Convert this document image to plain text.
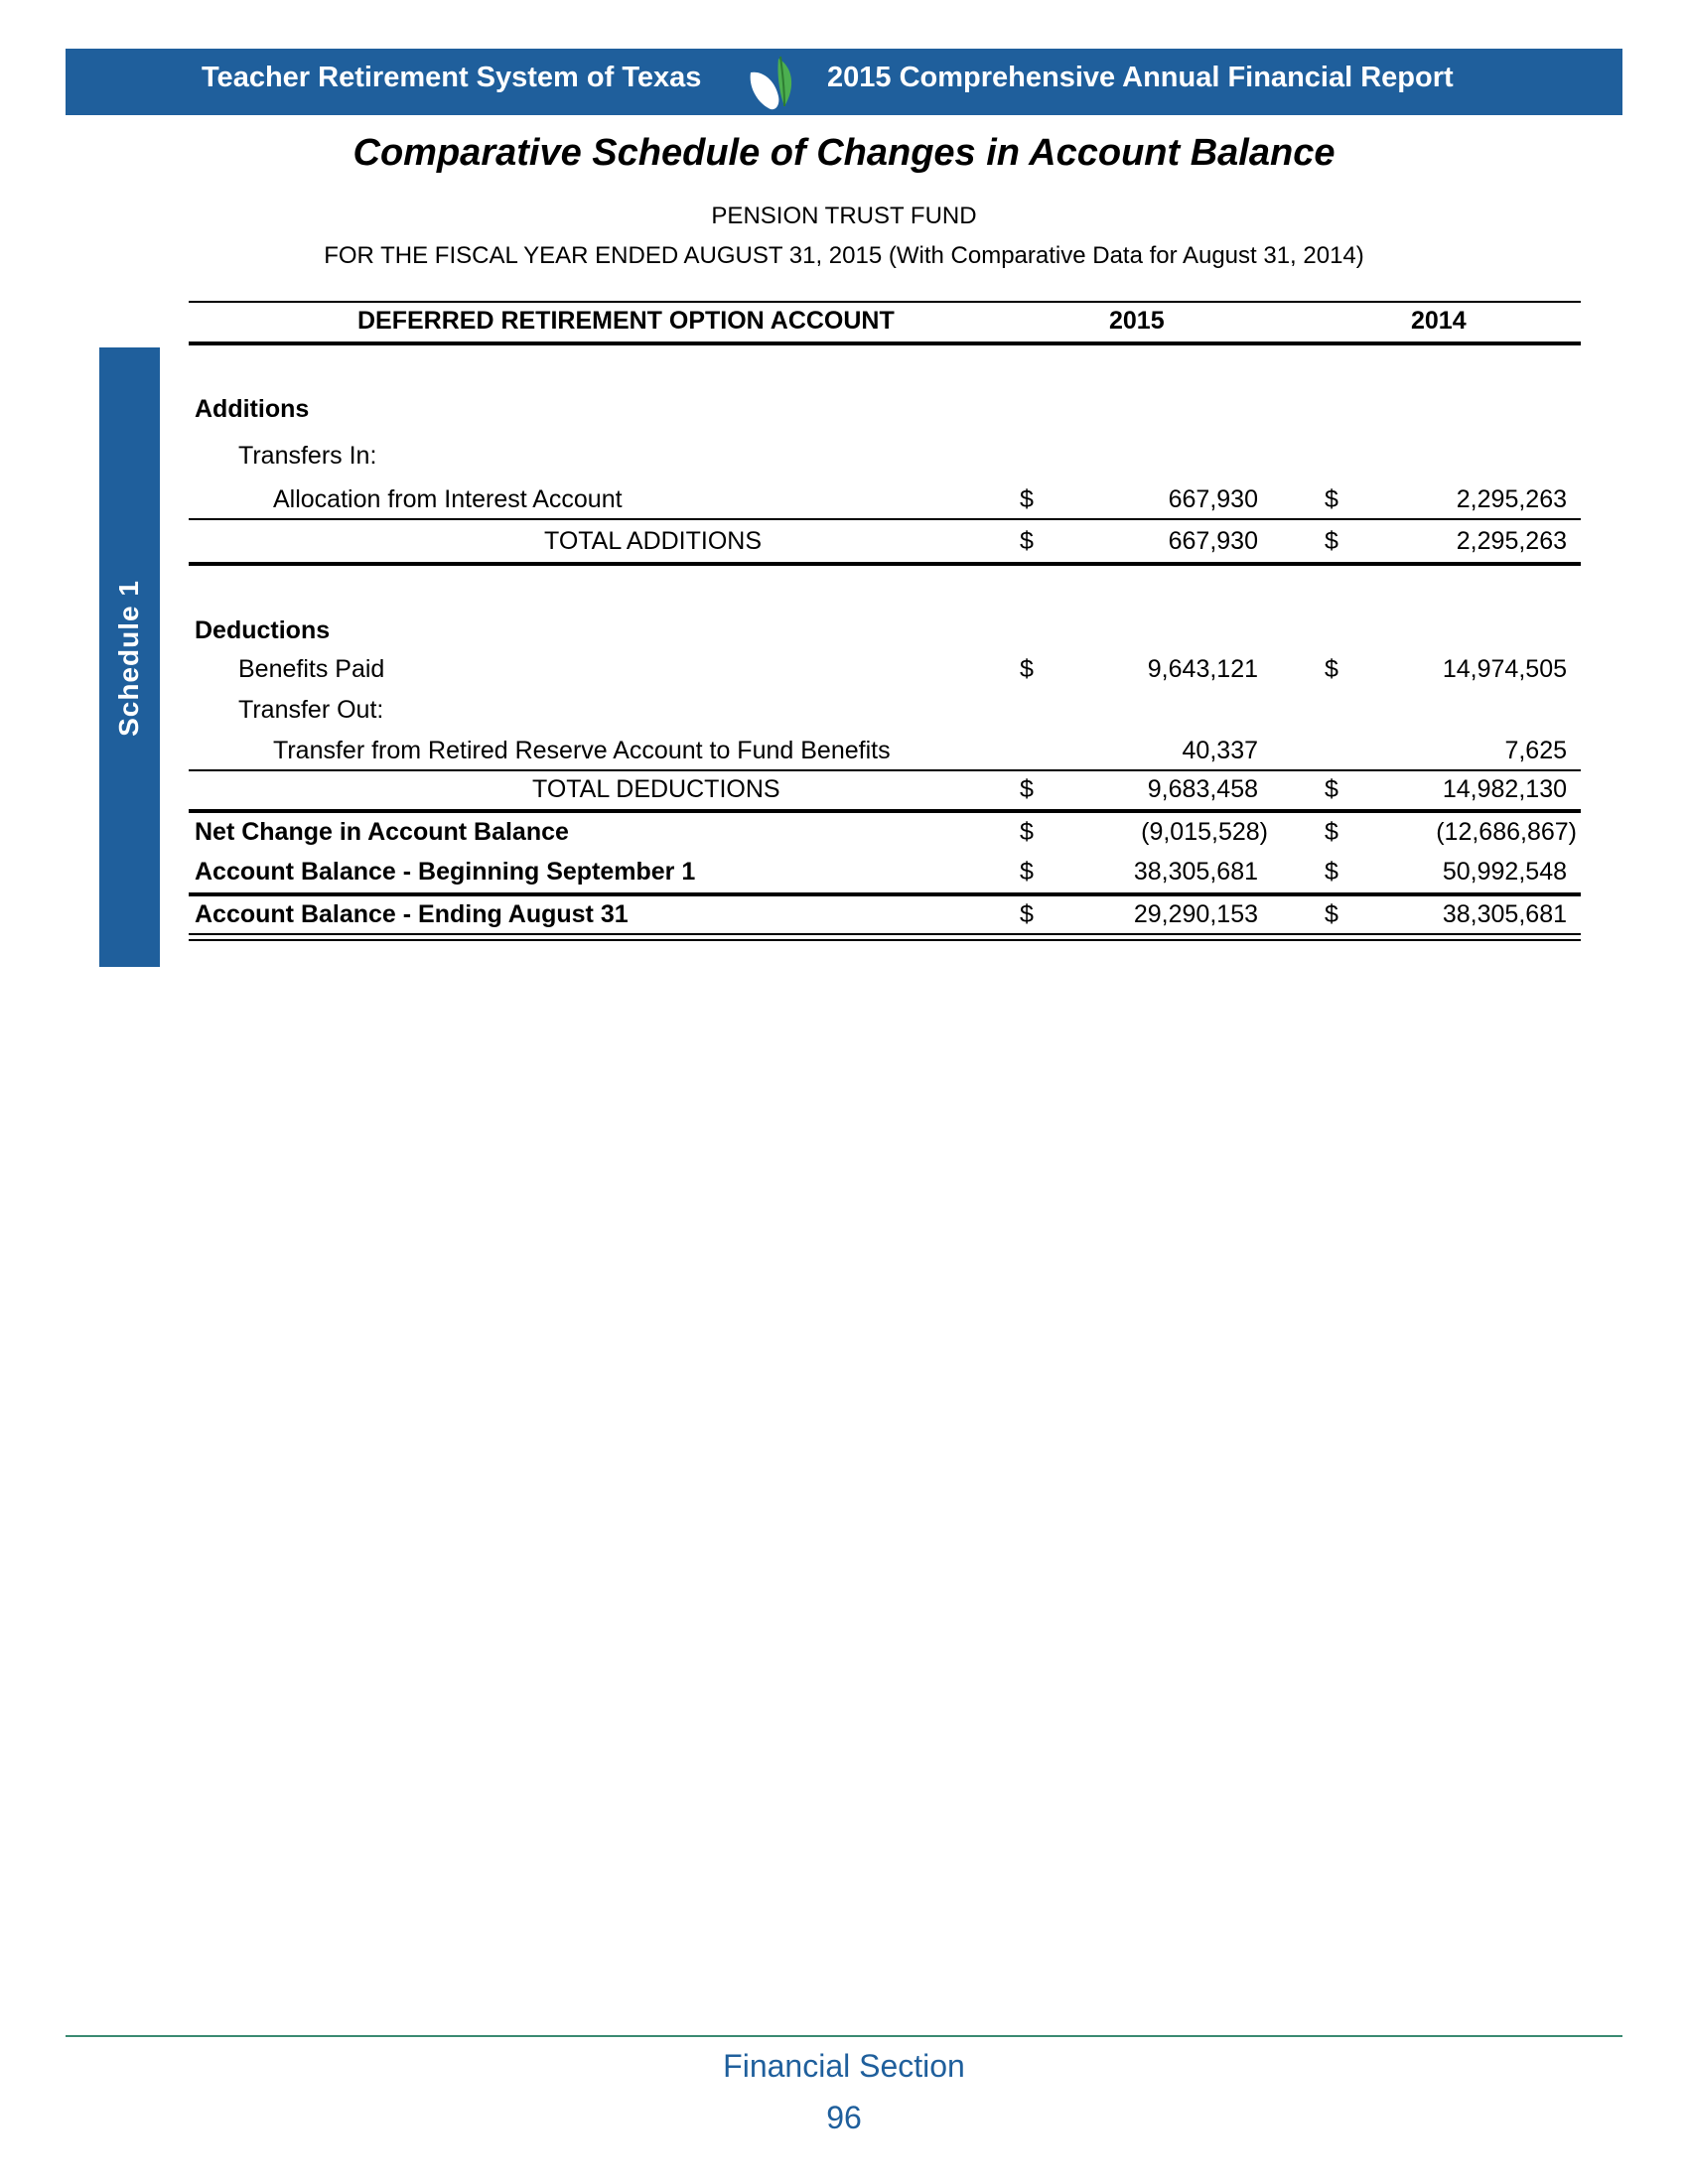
Teacher Retirement System of Texas	2015 Comprehensive Annual Financial Report
Comparative Schedule of Changes in Account Balance
PENSION TRUST FUND
FOR THE FISCAL YEAR ENDED AUGUST 31, 2015 (With Comparative Data for August 31, 2014)
Schedule 1
DEFERRED RETIREMENT OPTION ACCOUNT	2015	2014
Additions
Transfers In:
Allocation from Interest Account	$	667,930	$	2,295,263
TOTAL ADDITIONS	$	667,930	$	2,295,263
Deductions
Benefits Paid	$	9,643,121	$	14,974,505
Transfer Out:
Transfer from Retired Reserve Account to Fund Benefits	40,337	7,625
TOTAL DEDUCTIONS	$	9,683,458	$	14,982,130
Net Change in Account Balance	$	(9,015,528) $	(12,686,867)
Account Balance - Beginning September 1	$	38,305,681	$	50,992,548
Account Balance - Ending August 31	$	29,290,153	$	38,305,681
Financial Section
96
